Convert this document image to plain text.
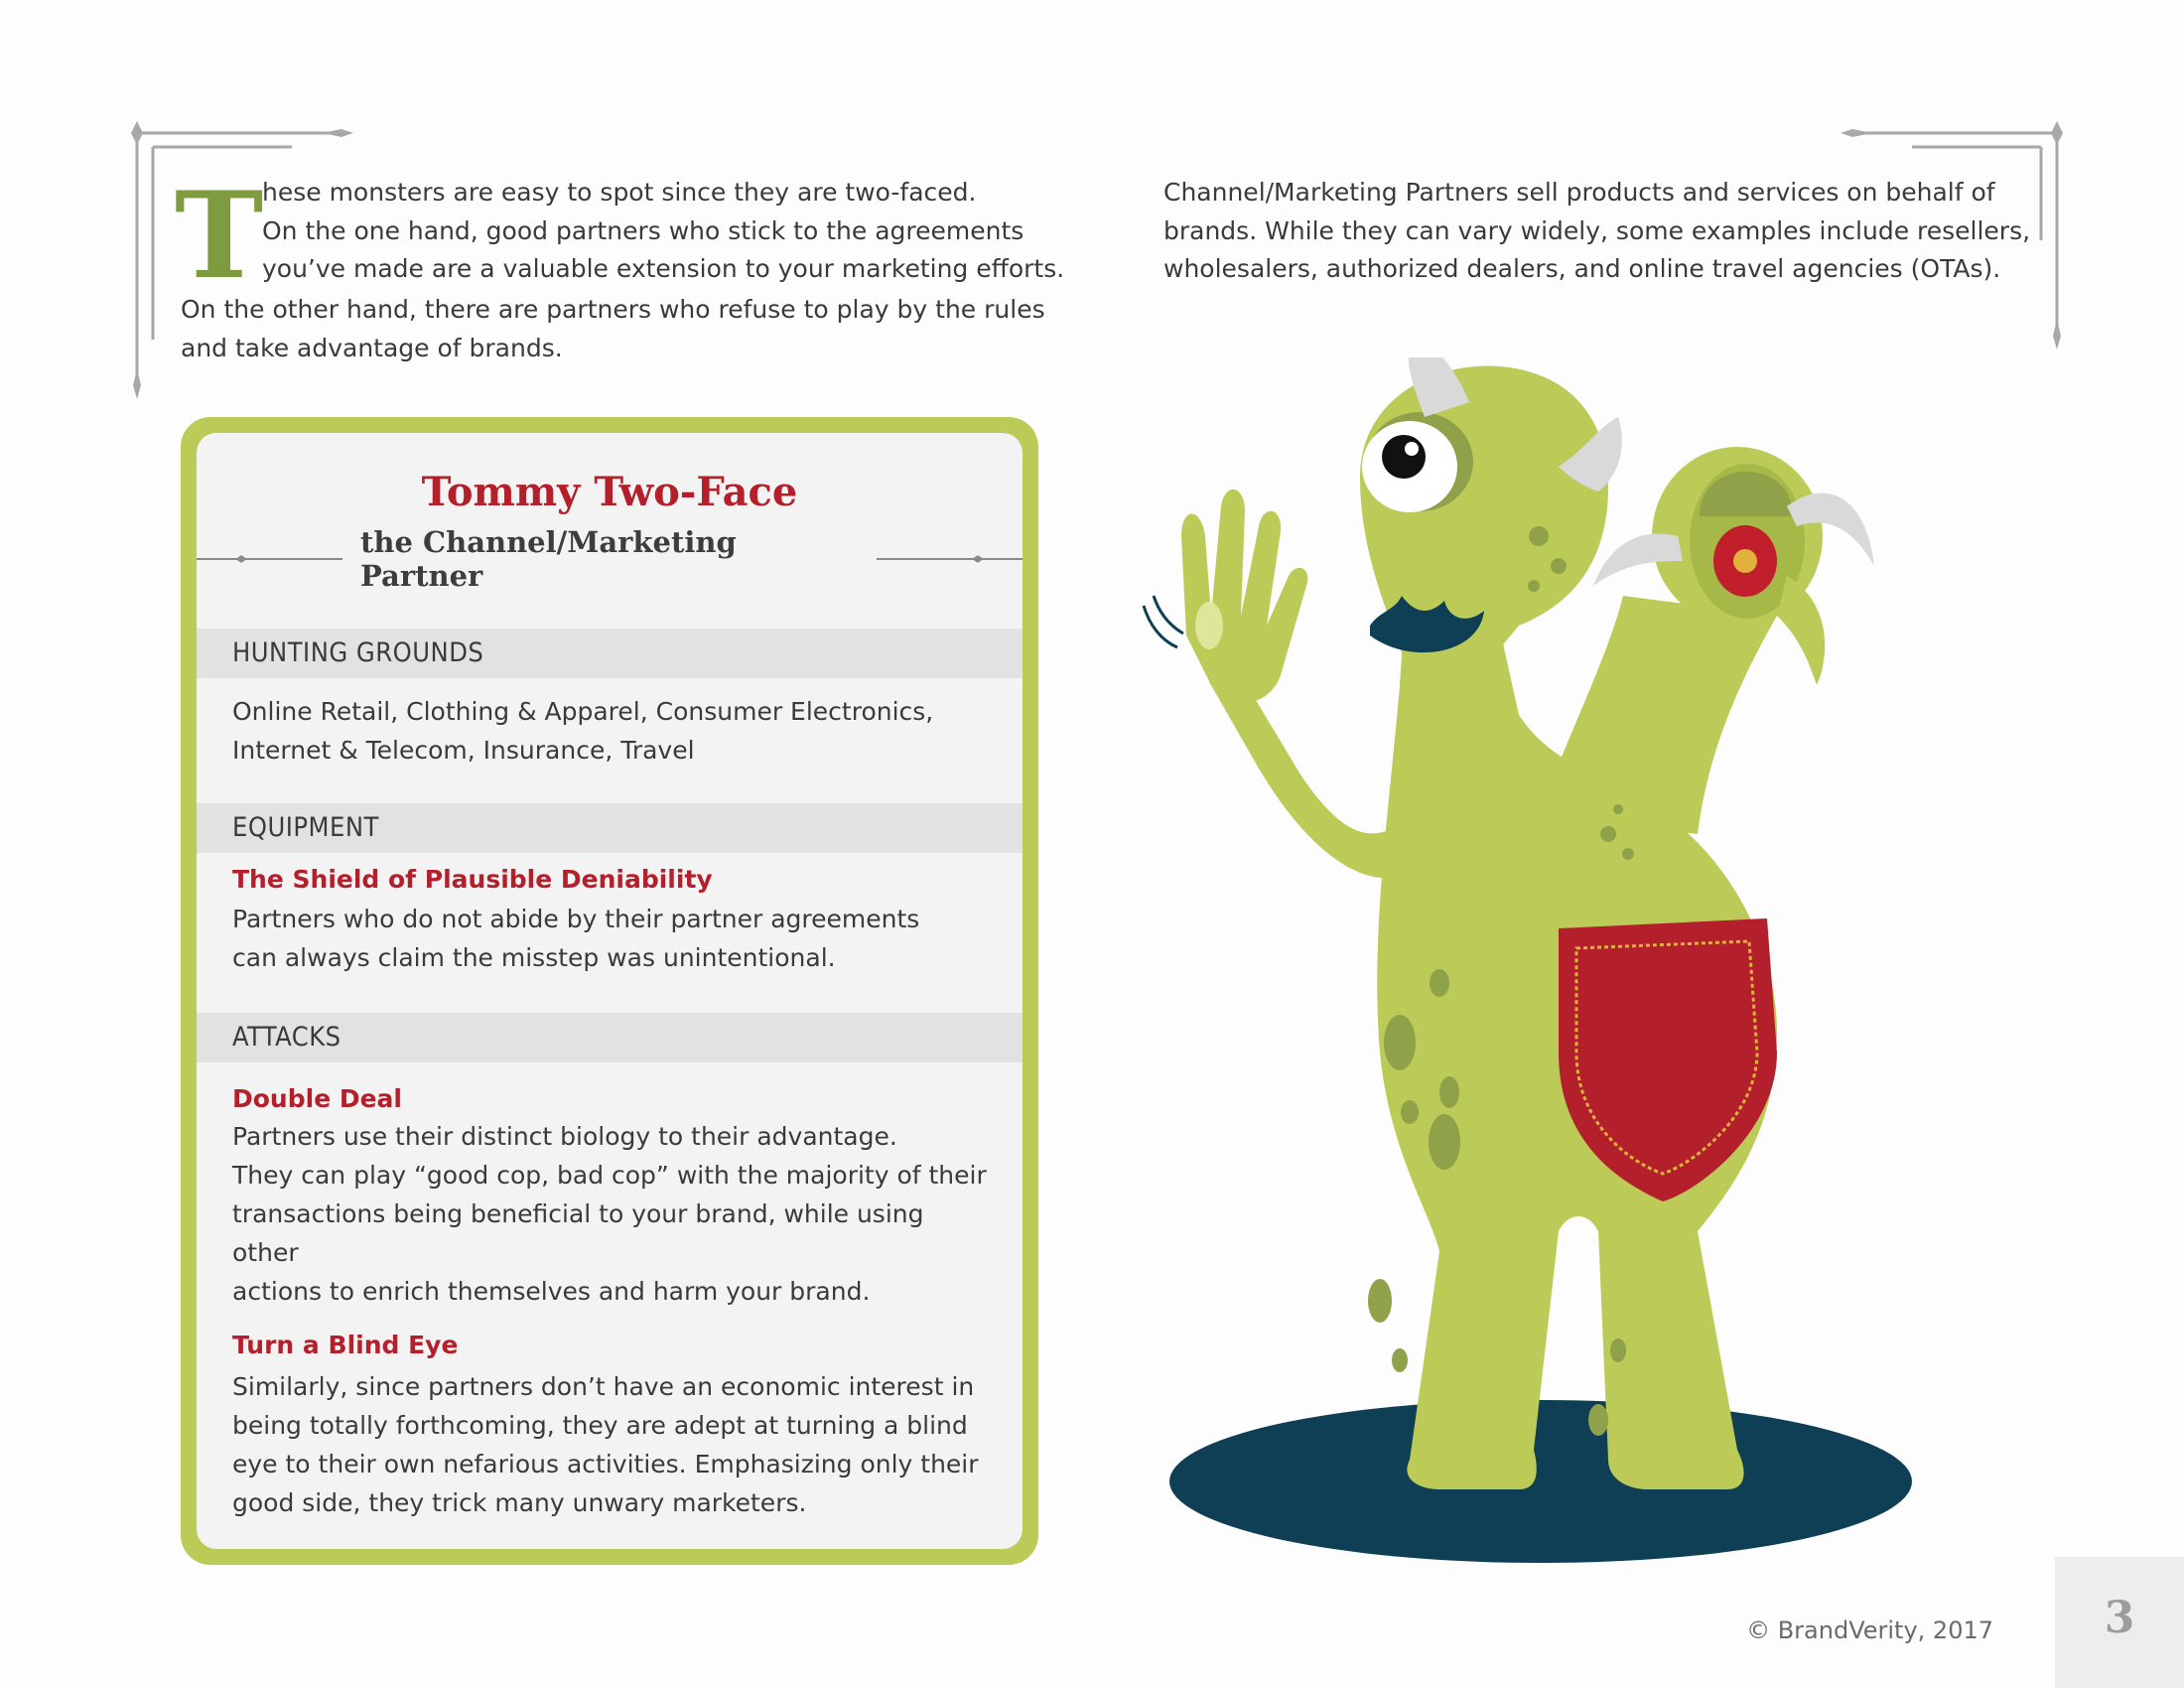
T
hese monsters are easy to spot since they are two-faced.
On the one hand, good partners who stick to the agreements
you’ve made are a valuable extension to your marketing efforts.
On the other hand, there are partners who refuse to play by the rules
and take advantage of brands.
Channel/Marketing Partners sell products and services on behalf of
brands. While they can vary widely, some examples include resellers,
wholesalers, authorized dealers, and online travel agencies (OTAs).
Tommy Two-Face
the Channel/Marketing Partner
HUNTING GROUNDS
Online Retail, Clothing & Apparel, Consumer Electronics,
Internet & Telecom, Insurance, Travel
EQUIPMENT
The Shield of Plausible Deniability
Partners who do not abide by their partner agreements
can always claim the misstep was unintentional.
ATTACKS
Double Deal
Partners use their distinct biology to their advantage.
They can play “good cop, bad cop” with the majority of their
transactions being beneficial to your brand, while using other
actions to enrich themselves and harm your brand.
Turn a Blind Eye
Similarly, since partners don’t have an economic interest in
being totally forthcoming, they are adept at turning a blind
eye to their own nefarious activities. Emphasizing only their
good side, they trick many unwary marketers.
© BrandVerity, 2017	3
